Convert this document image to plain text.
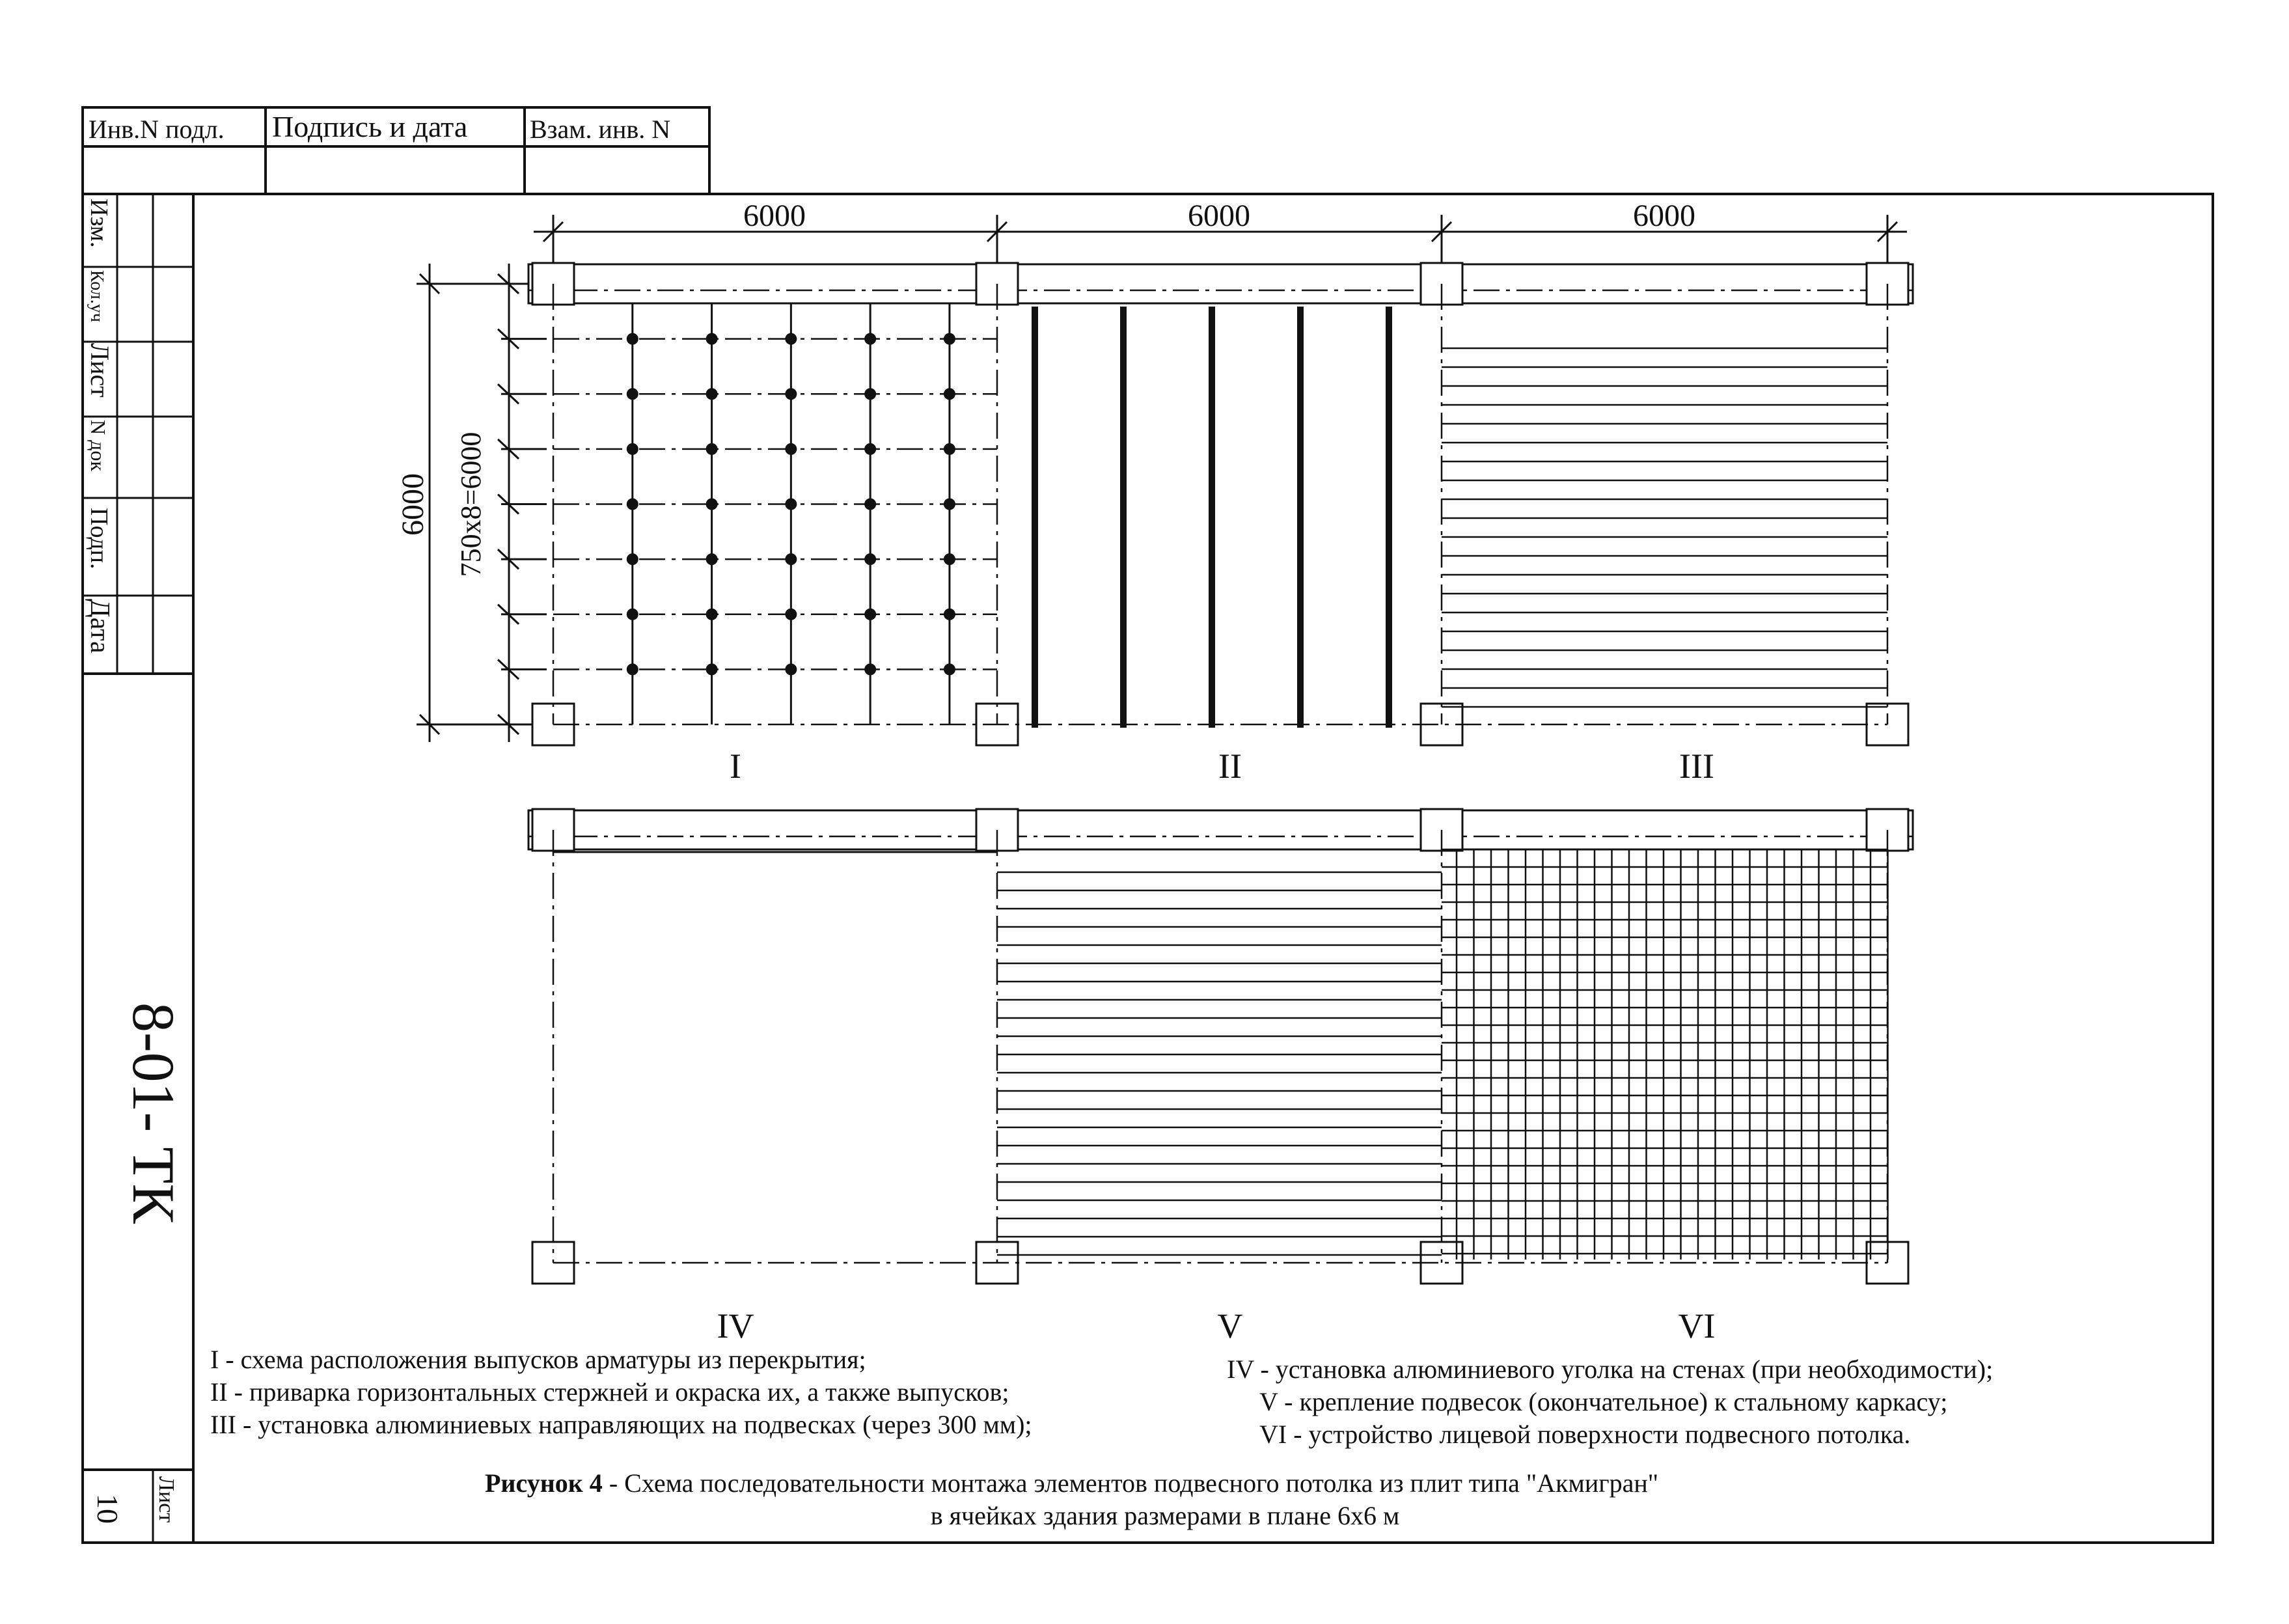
Инв.N подл. Подпись и дата Взам. инв. N
Изм.
Кол.уч
Лист
N док
Подп.
Дата
8-01- ТК
10 Лист
6000	6000	6000
6000 750х8=6000
I	II	III
IV	V	VI
I - схема расположения выпусков арматуры из перекрытия;
II - приварка горизонтальных стержней и окраска их, а также выпусков;
III - установка алюминиевых направляющих на подвесках (через 300 мм);
IV - установка алюминиевого уголка на стенах (при необходимости);
V - крепление подвесок (окончательное) к стальному каркасу;
VI - устройство лицевой поверхности подвесного потолка.
Рисунок 4 - Схема последовательности монтажа элементов подвесного потолка из плит типа "Акмигран"
в ячейках здания размерами в плане 6х6 м
